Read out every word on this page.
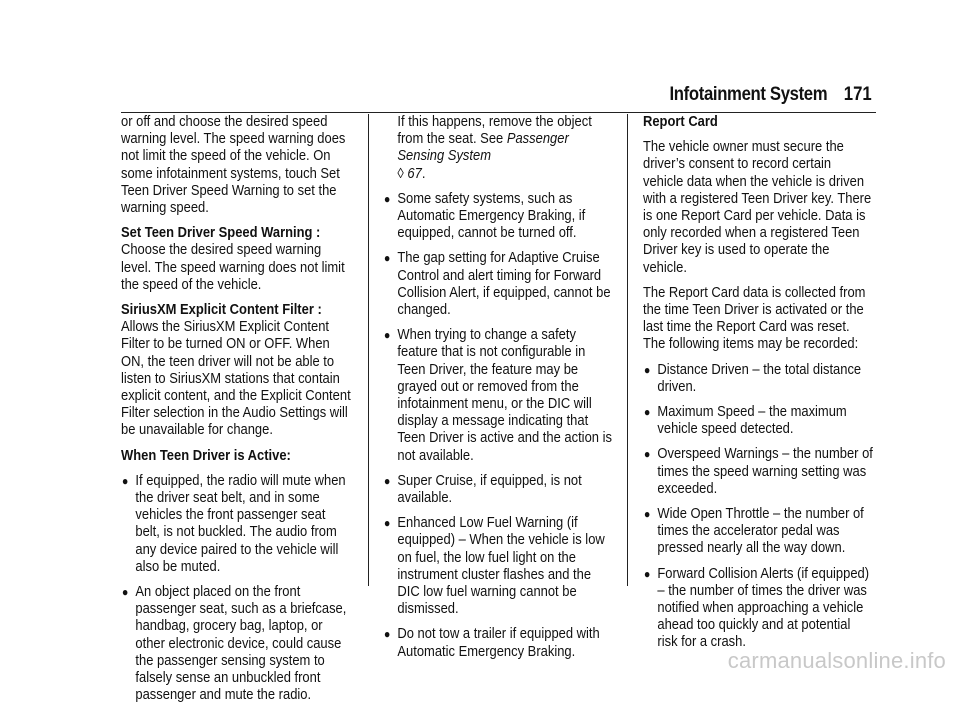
Infotainment System 171

or off and choose the desired speed warning level. The speed warning does not limit the speed of the vehicle. On some infotainment systems, touch Set Teen Driver Speed Warning to set the warning speed.

Set Teen Driver Speed Warning : Choose the desired speed warning level. The speed warning does not limit the speed of the vehicle.

SiriusXM Explicit Content Filter : Allows the SiriusXM Explicit Content Filter to be turned ON or OFF. When ON, the teen driver will not be able to listen to SiriusXM stations that contain explicit content, and the Explicit Content Filter selection in the Audio Settings will be unavailable for change.

When Teen Driver is Active:
● If equipped, the radio will mute when the driver seat belt, and in some vehicles the front passenger seat belt, is not buckled. The audio from any device paired to the vehicle will also be muted.
● An object placed on the front passenger seat, such as a briefcase, handbag, grocery bag, laptop, or other electronic device, could cause the passenger sensing system to falsely sense an unbuckled front passenger and mute the radio.

If this happens, remove the object from the seat. See Passenger Sensing System
◊ 67.

● Some safety systems, such as Automatic Emergency Braking, if equipped, cannot be turned off.
● The gap setting for Adaptive Cruise Control and alert timing for Forward Collision Alert, if equipped, cannot be changed.
● When trying to change a safety feature that is not configurable in Teen Driver, the feature may be grayed out or removed from the infotainment menu, or the DIC will display a message indicating that Teen Driver is active and the action is not available.
● Super Cruise, if equipped, is not available.
● Enhanced Low Fuel Warning (if equipped) – When the vehicle is low on fuel, the low fuel light on the instrument cluster flashes and the DIC low fuel warning cannot be dismissed.
● Do not tow a trailer if equipped with Automatic Emergency Braking.
Report Card

The vehicle owner must secure the driver’s consent to record certain vehicle data when the vehicle is driven with a registered Teen Driver key. There is one Report Card per vehicle. Data is only recorded when a registered Teen Driver key is used to operate the vehicle.

The Report Card data is collected from the time Teen Driver is activated or the last time the Report Card was reset. The following items may be recorded:

● Distance Driven – the total distance driven.
● Maximum Speed – the maximum vehicle speed detected.
● Overspeed Warnings – the number of times the speed warning setting was exceeded.
● Wide Open Throttle – the number of times the accelerator pedal was pressed nearly all the way down.
● Forward Collision Alerts (if equipped) – the number of times the driver was notified when approaching a vehicle ahead too quickly and at potential risk for a crash.
carmanualsonline.info
